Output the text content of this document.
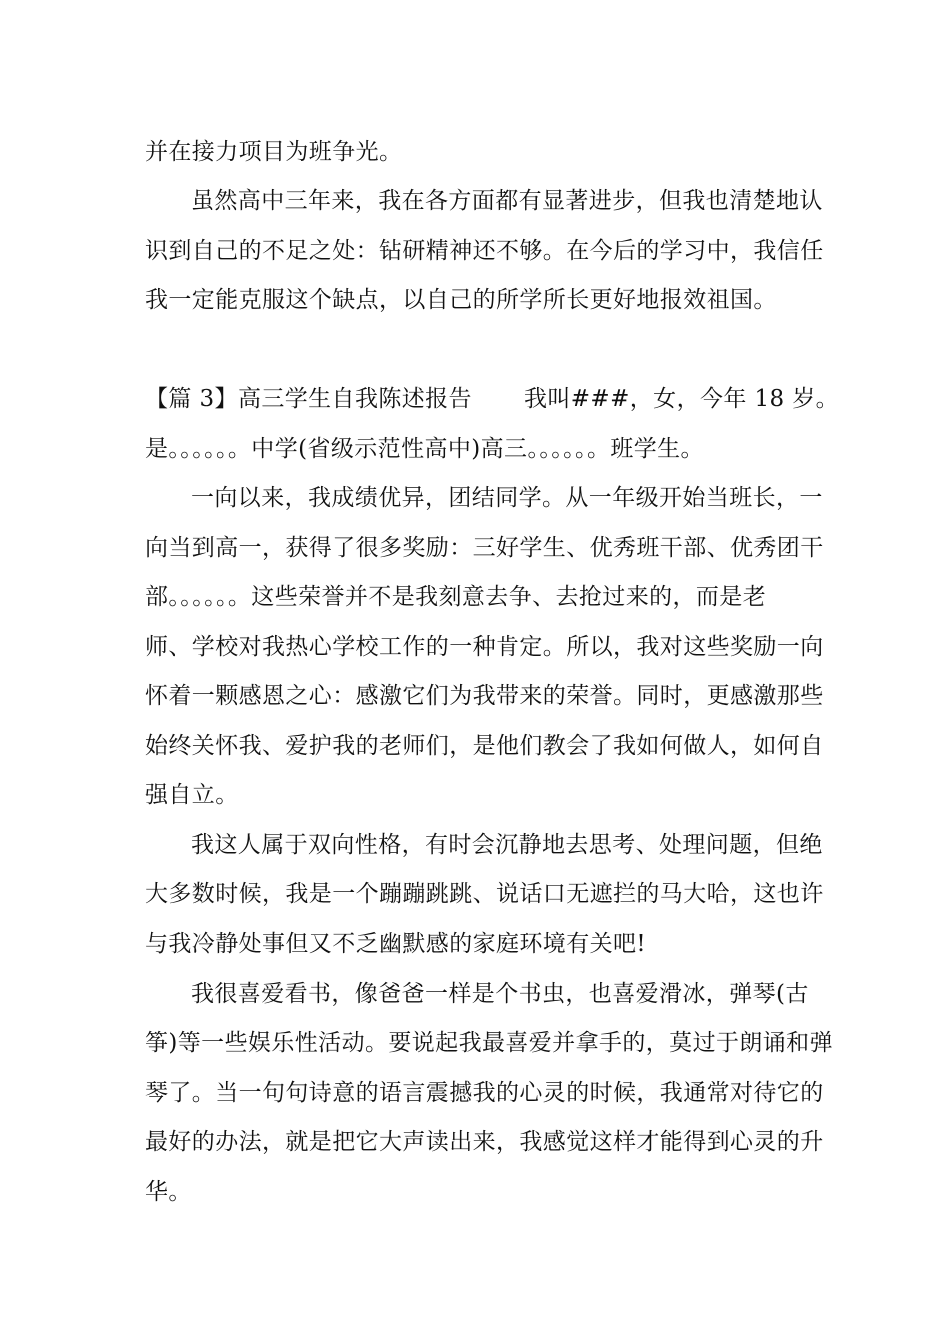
并在接力项目为班争光。

虽然高中三年来，我在各方面都有显著进步，但我也清楚地认

识到自己的不足之处：钻研精神还不够。在今后的学习中，我信任

我一定能克服这个缺点，以自己的所学所长更好地报效祖国。

【篇 3】高三学生自我陈述报告 我叫###，女，今年 18 岁。

是。。。。。。中学(省级示范性高中)高三。。。。。。班学生。

一向以来，我成绩优异，团结同学。从一年级开始当班长，一

向当到高一，获得了很多奖励：三好学生、优秀班干部、优秀团干

部。。。。。。这些荣誉并不是我刻意去争、去抢过来的，而是老

师、学校对我热心学校工作的一种肯定。所以，我对这些奖励一向

怀着一颗感恩之心：感激它们为我带来的荣誉。同时，更感激那些

始终关怀我、爱护我的老师们，是他们教会了我如何做人，如何自

强自立。

我这人属于双向性格，有时会沉静地去思考、处理问题，但绝

大多数时候，我是一个蹦蹦跳跳、说话口无遮拦的马大哈，这也许

与我冷静处事但又不乏幽默感的家庭环境有关吧!

我很喜爱看书，像爸爸一样是个书虫，也喜爱滑冰，弹琴(古

筝)等一些娱乐性活动。要说起我最喜爱并拿手的，莫过于朗诵和弹

琴了。当一句句诗意的语言震撼我的心灵的时候，我通常对待它的

最好的办法，就是把它大声读出来，我感觉这样才能得到心灵的升

华。
